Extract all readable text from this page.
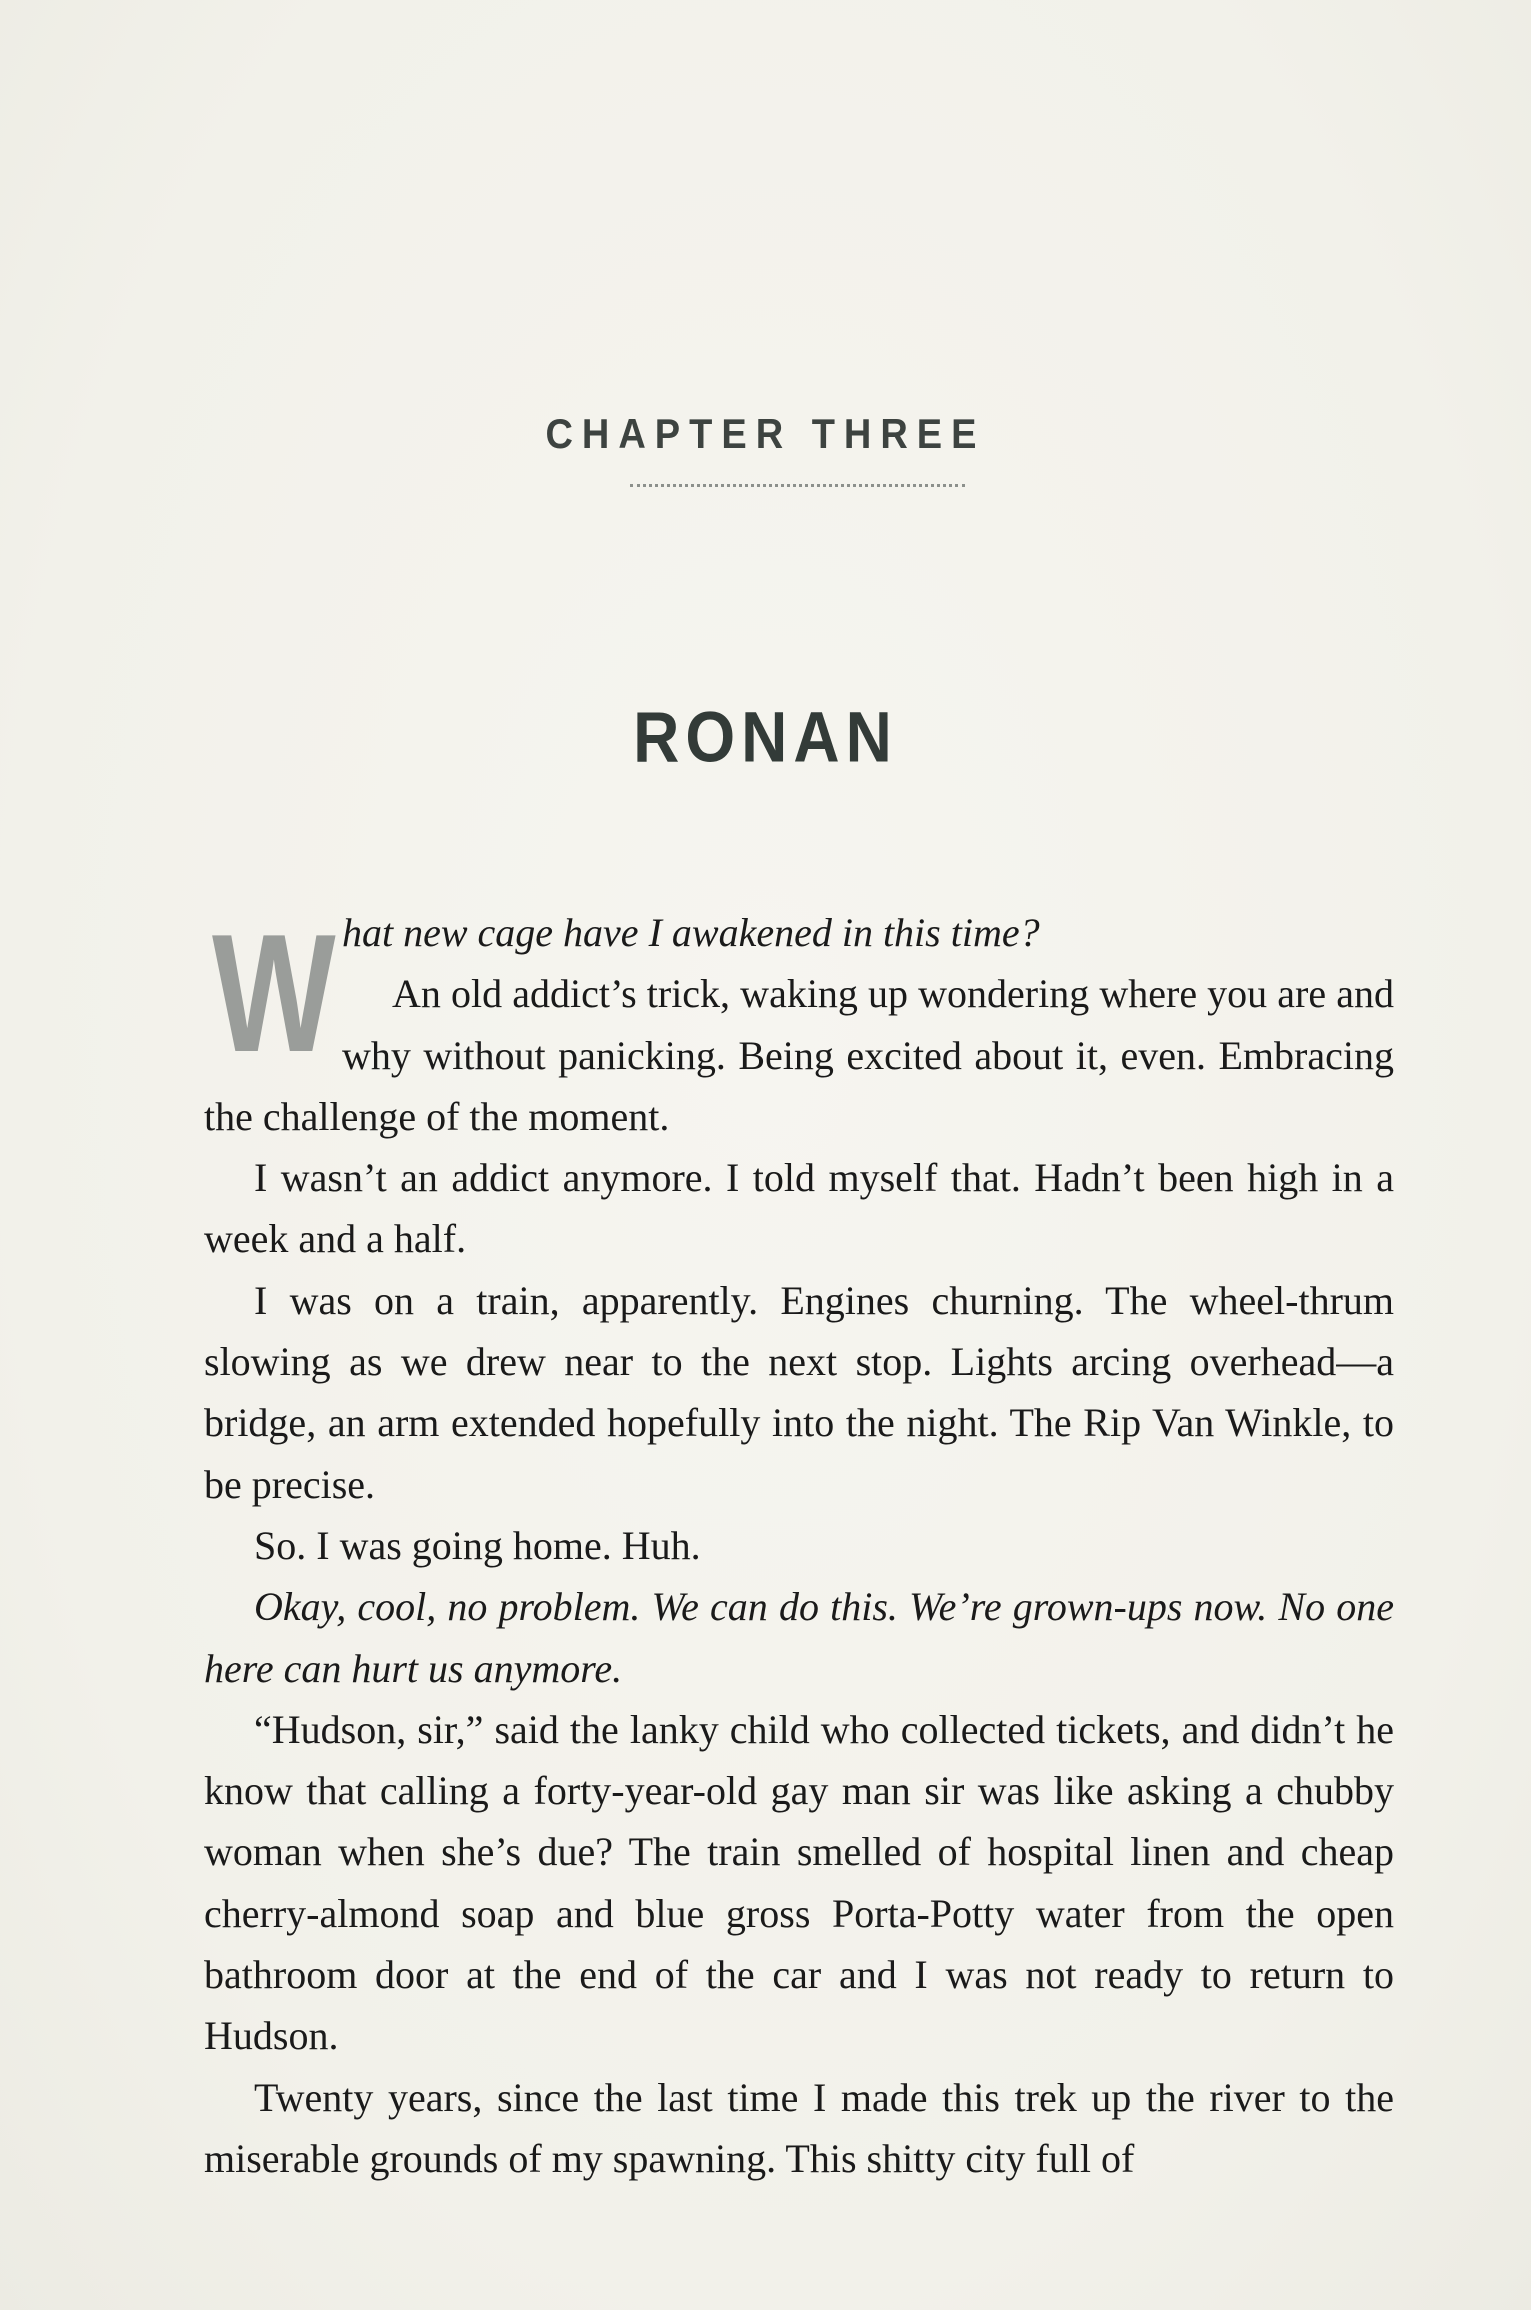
CHAPTER THREE
RONAN

What new cage have I awakened in this time?

An old addict’s trick, waking up wondering where you are and why without panicking. Being excited about it, even. Embracing the challenge of the moment.

I wasn’t an addict anymore. I told myself that. Hadn’t been high in a week and a half.

I was on a train, apparently. Engines churning. The wheel-thrum slowing as we drew near to the next stop. Lights arcing overhead—a bridge, an arm extended hopefully into the night. The Rip Van Winkle, to be precise.

So. I was going home. Huh.

Okay, cool, no problem. We can do this. We’re grown-ups now. No one here can hurt us anymore.

“Hudson, sir,” said the lanky child who collected tickets, and didn’t he know that calling a forty-year-old gay man sir was like asking a chubby woman when she’s due? The train smelled of hospital linen and cheap cherry-almond soap and blue gross Porta-Potty water from the open bathroom door at the end of the car and I was not ready to return to Hudson.

Twenty years, since the last time I made this trek up the river to the miserable grounds of my spawning. This shitty city full of
